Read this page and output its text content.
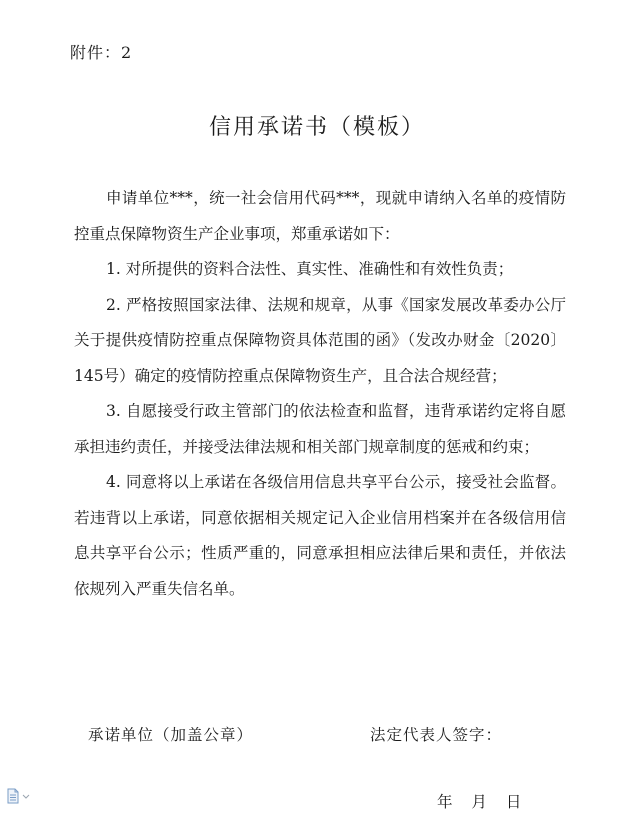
附件：2
信用承诺书（模板）

申请单位***，统一社会信用代码***，现就申请纳入名单的疫情防控重点保障物资生产企业事项，郑重承诺如下：

1. 对所提供的资料合法性、真实性、准确性和有效性负责；

2. 严格按照国家法律、法规和规章，从事《国家发展改革委办公厅关于提供疫情防控重点保障物资具体范围的函》（发改办财金〔2020〕145号）确定的疫情防控重点保障物资生产，且合法合规经营；

3. 自愿接受行政主管部门的依法检查和监督，违背承诺约定将自愿承担违约责任，并接受法律法规和相关部门规章制度的惩戒和约束；

4. 同意将以上承诺在各级信用信息共享平台公示，接受社会监督。若违背以上承诺，同意依据相关规定记入企业信用档案并在各级信用信息共享平台公示；性质严重的，同意承担相应法律后果和责任，并依法依规列入严重失信名单。

承诺单位（加盖公章）	法定代表人签字：
年 月 日
